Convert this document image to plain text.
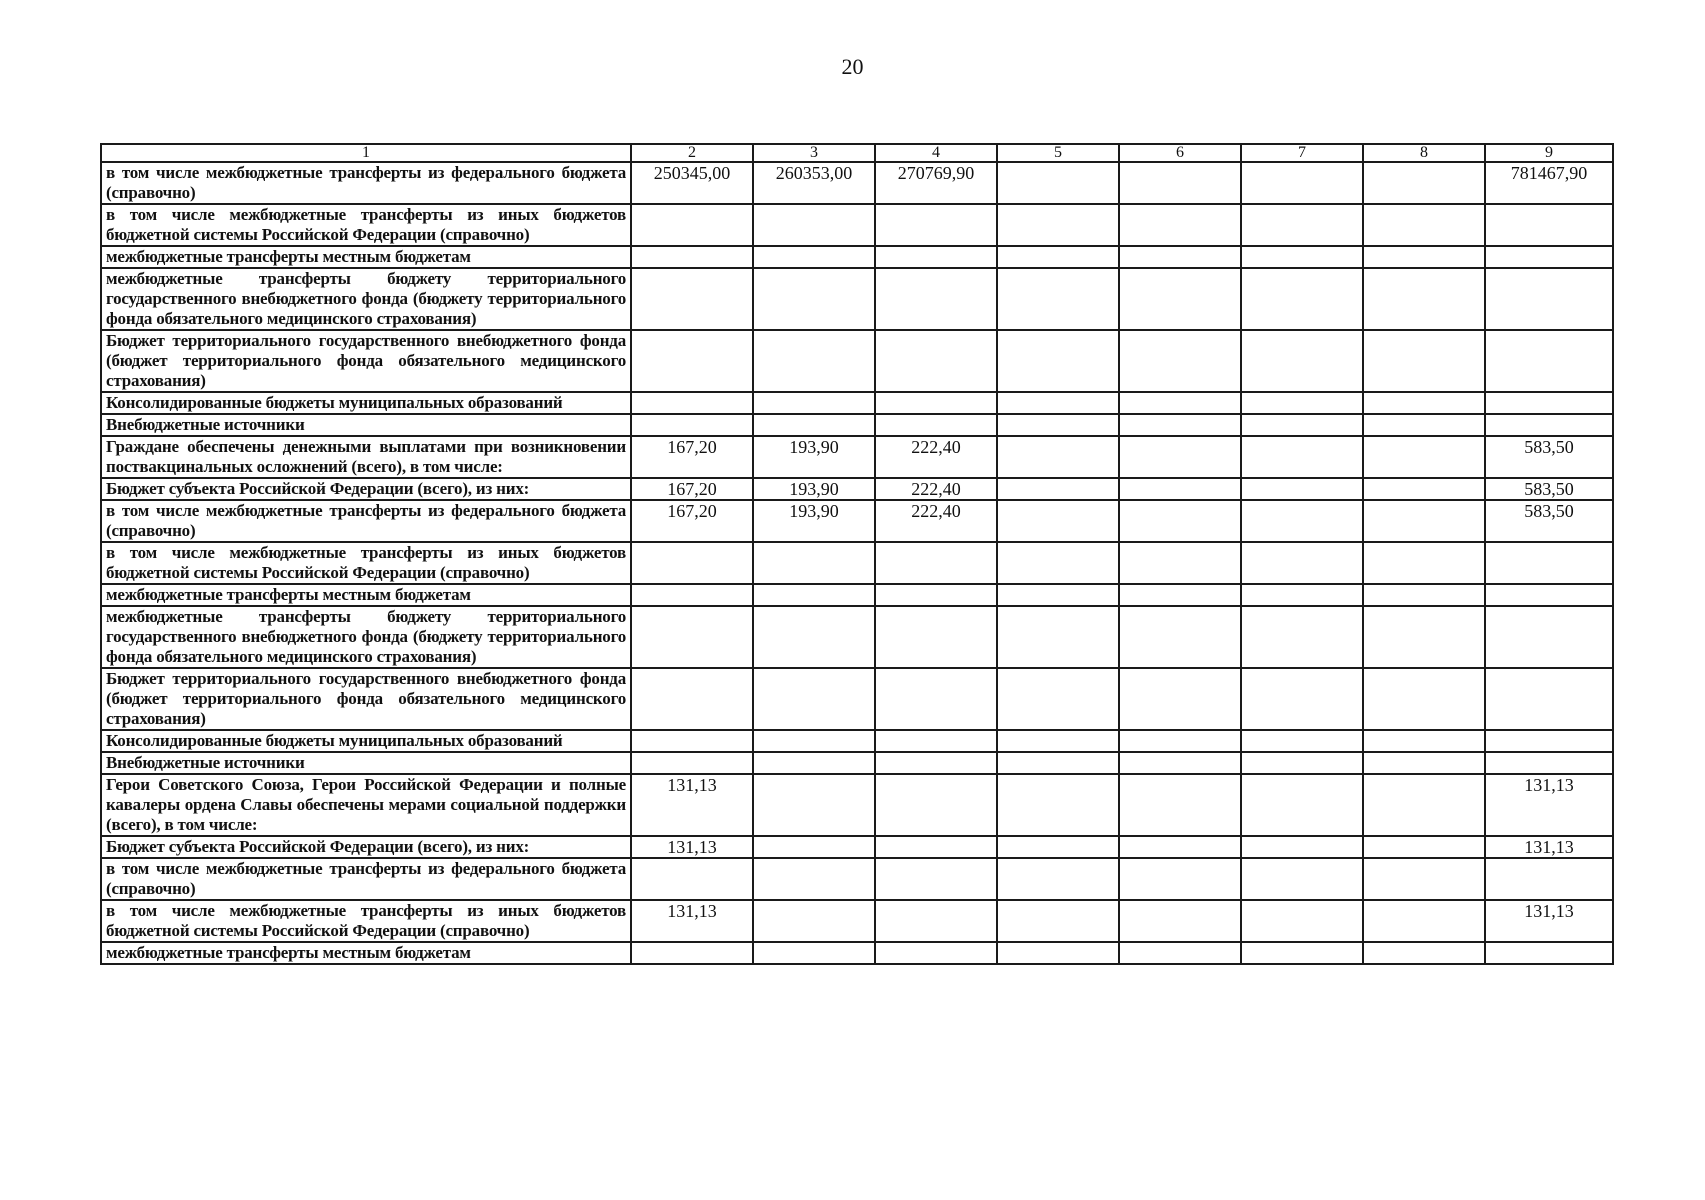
20
1	2	3	4	5	6	7	8	9
в том числе межбюджетные трансферты из федерального бюджета (справочно)	250345,00	260353,00	270769,90					781467,90
в том числе межбюджетные трансферты из иных бюджетов бюджетной системы Российской Федерации (справочно)								
межбюджетные трансферты местным бюджетам								
межбюджетные трансферты бюджету территориального государственного внебюджетного фонда (бюджету территориального фонда обязательного медицинского страхования)								
Бюджет территориального государственного внебюджетного фонда (бюджет территориального фонда обязательного медицинского страхования)								
Консолидированные бюджеты муниципальных образований								
Внебюджетные источники								
Граждане обеспечены денежными выплатами при возникновении поствакцинальных осложнений (всего), в том числе:	167,20	193,90	222,40					583,50
Бюджет субъекта Российской Федерации (всего), из них:	167,20	193,90	222,40					583,50
в том числе межбюджетные трансферты из федерального бюджета (справочно)	167,20	193,90	222,40					583,50
в том числе межбюджетные трансферты из иных бюджетов бюджетной системы Российской Федерации (справочно)								
межбюджетные трансферты местным бюджетам								
межбюджетные трансферты бюджету территориального государственного внебюджетного фонда (бюджету территориального фонда обязательного медицинского страхования)								
Бюджет территориального государственного внебюджетного фонда (бюджет территориального фонда обязательного медицинского страхования)								
Консолидированные бюджеты муниципальных образований								
Внебюджетные источники								
Герои Советского Союза, Герои Российской Федерации и полные кавалеры ордена Славы обеспечены мерами социальной поддержки (всего), в том числе:	131,13							131,13
Бюджет субъекта Российской Федерации (всего), из них:	131,13							131,13
в том числе межбюджетные трансферты из федерального бюджета (справочно)								
в том числе межбюджетные трансферты из иных бюджетов бюджетной системы Российской Федерации (справочно)	131,13							131,13
межбюджетные трансферты местным бюджетам								
